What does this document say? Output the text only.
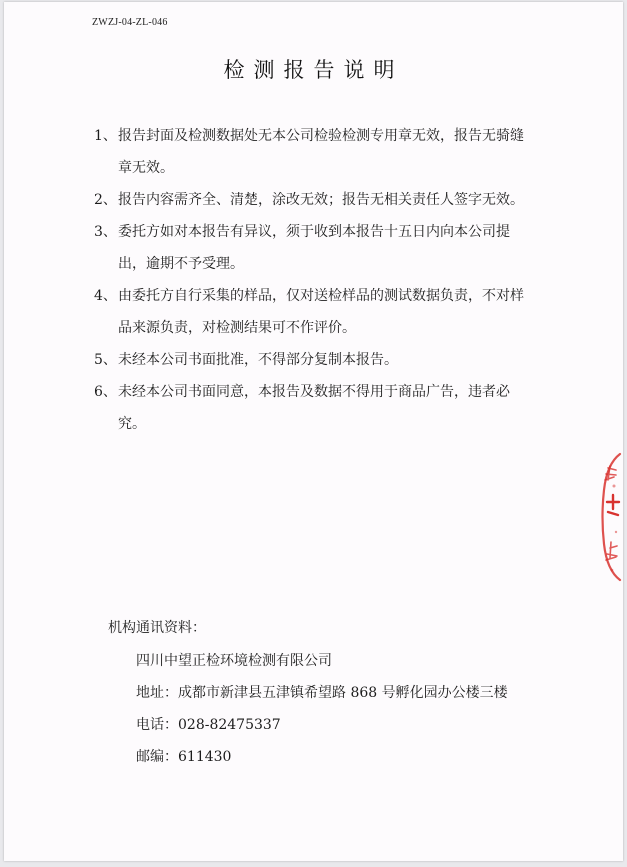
ZWZJ-04-ZL-046
检测报告说明

1、 报告封面及检测数据处无本公司检验检测专用章无效，报告无骑缝章无效。

2、 报告内容需齐全、清楚，涂改无效；报告无相关责任人签字无效。

3、 委托方如对本报告有异议，须于收到本报告十五日内向本公司提出，逾期不予受理。

4、 由委托方自行采集的样品，仅对送检样品的测试数据负责，不对样品来源负责，对检测结果可不作评价。

5、 未经本公司书面批准，不得部分复制本报告。

6、 未经本公司书面同意，本报告及数据不得用于商品广告，违者必究。

机构通讯资料：
四川中望正检环境检测有限公司
地址：成都市新津县五津镇希望路 868 号孵化园办公楼三楼
电话：028-82475337
邮编：611430
